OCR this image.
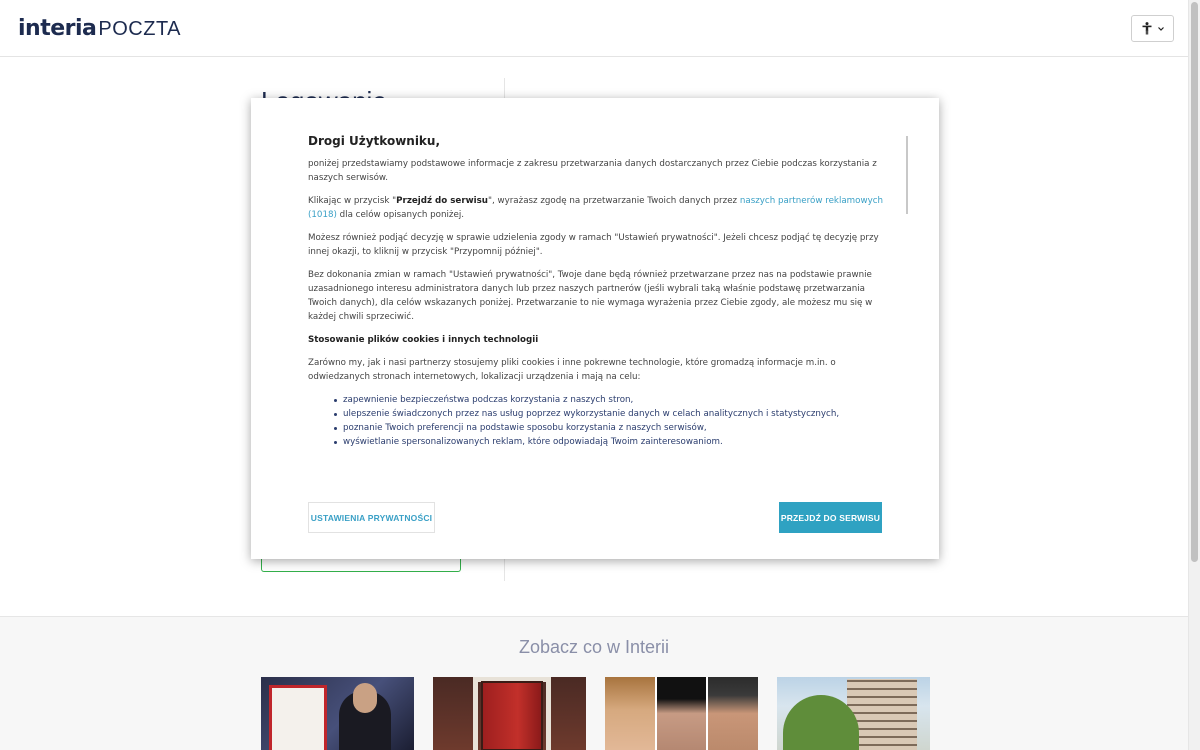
interia POCZTA
Zobacz co w Interii
Drogi Użytkowniku,

poniżej przedstawiamy podstawowe informacje z zakresu przetwarzania danych dostarczanych przez Ciebie podczas korzystania z naszych serwisów.

Klikając w przycisk "Przejdź do serwisu", wyrażasz zgodę na przetwarzanie Twoich danych przez naszych partnerów reklamowych (1018) dla celów opisanych poniżej.

Możesz również podjąć decyzję w sprawie udzielenia zgody w ramach "Ustawień prywatności". Jeżeli chcesz podjąć tę decyzję przy innej okazji, to kliknij w przycisk "Przypomnij później".

Bez dokonania zmian w ramach "Ustawień prywatności", Twoje dane będą również przetwarzane przez nas na podstawie prawnie uzasadnionego interesu administratora danych lub przez naszych partnerów (jeśli wybrali taką właśnie podstawę przetwarzania Twoich danych), dla celów wskazanych poniżej. Przetwarzanie to nie wymaga wyrażenia przez Ciebie zgody, ale możesz mu się w każdej chwili sprzeciwić.

Stosowanie plików cookies i innych technologii

Zarówno my, jak i nasi partnerzy stosujemy pliki cookies i inne pokrewne technologie, które gromadzą informacje m.in. o odwiedzanych stronach internetowych, lokalizacji urządzenia i mają na celu:

zapewnienie bezpieczeństwa podczas korzystania z naszych stron,
ulepszenie świadczonych przez nas usług poprzez wykorzystanie danych w celach analitycznych i statystycznych,
poznanie Twoich preferencji na podstawie sposobu korzystania z naszych serwisów,
wyświetlanie spersonalizowanych reklam, które odpowiadają Twoim zainteresowaniom.
USTAWIENIA PRYWATNOŚCI	PRZEJDŹ DO SERWISU
